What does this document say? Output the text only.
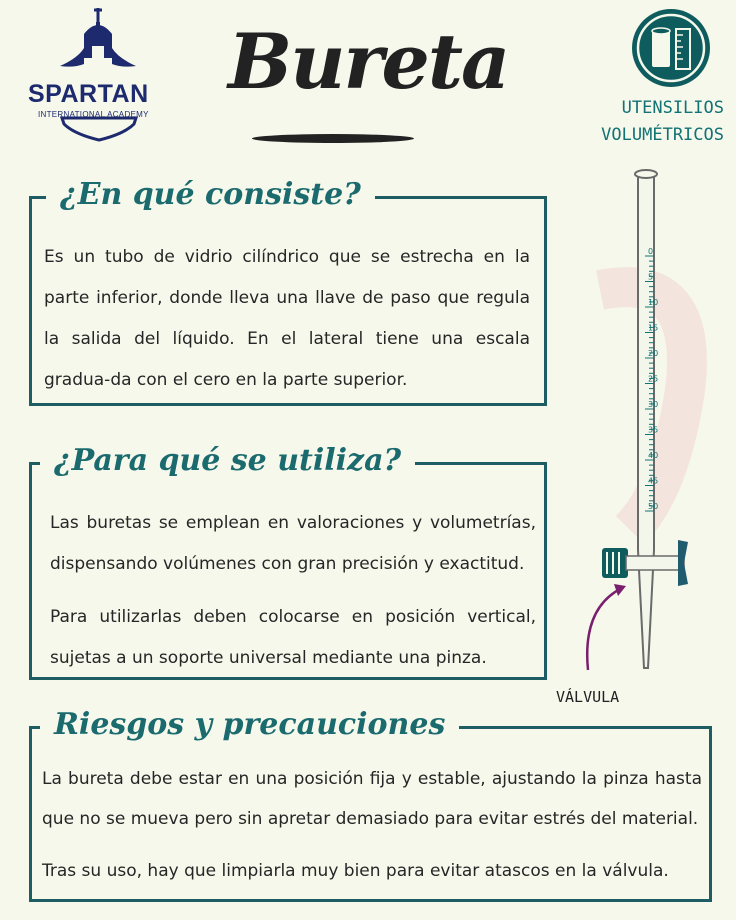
SPARTAN
INTERNATIONAL ACADEMY
Bureta
UTENSILIOS
VOLUMÉTRICOS
0
5
10
15
20
25
30
35
40
45
50
VÁLVULA
¿En qué consiste?

Es un tubo de vidrio cilíndrico que se estrecha en la parte inferior, donde lleva una llave de paso que regula la salida del líquido. En el lateral tiene una escala gradua-da con el cero en la parte superior.

¿Para qué se utiliza?

Las buretas se emplean en valoraciones y volumetrías, dispensando volúmenes con gran precisión y exactitud.

Para utilizarlas deben colocarse en posición vertical, sujetas a un soporte universal mediante una pinza.

Riesgos y precauciones

La bureta debe estar en una posición fija y estable, ajustando la pinza hasta que no se mueva pero sin apretar demasiado para evitar estrés del material.

Tras su uso, hay que limpiarla muy bien para evitar atascos en la válvula.
